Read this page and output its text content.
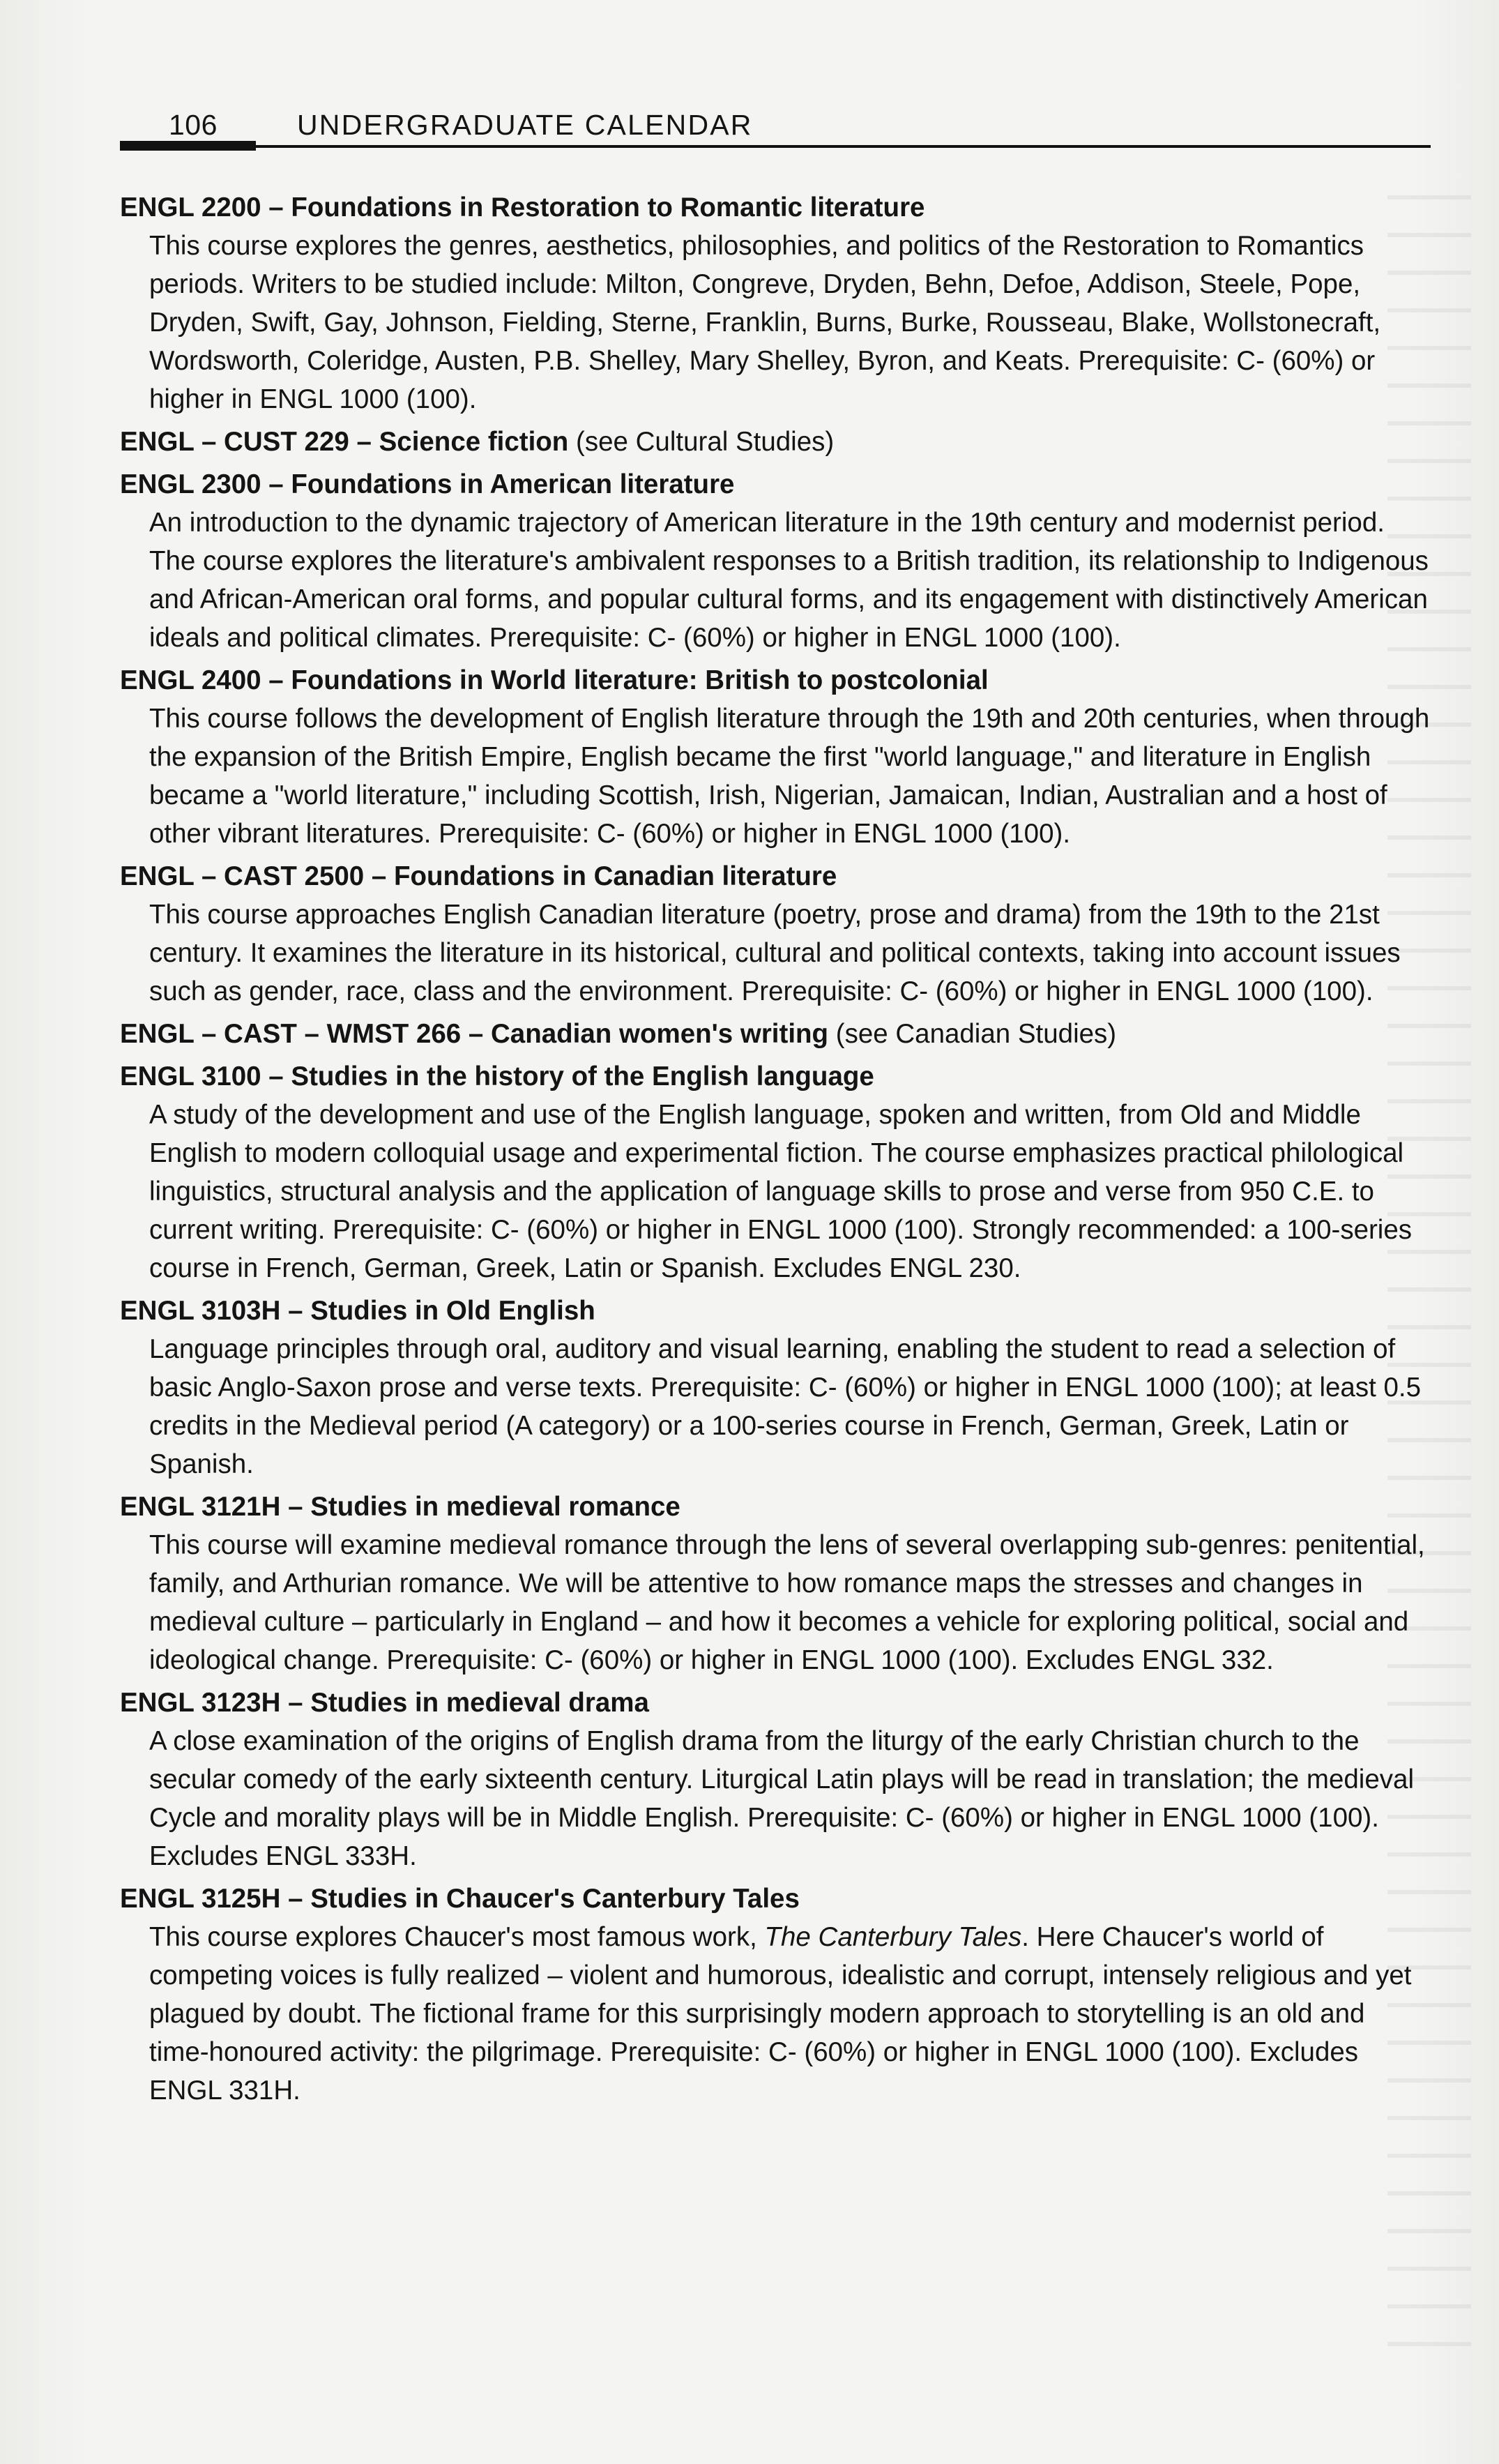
106	UNDERGRADUATE CALENDAR

ENGL 2200 – Foundations in Restoration to Romantic literature

This course explores the genres, aesthetics, philosophies, and politics of the Restoration to Romantics periods. Writers to be studied include: Milton, Congreve, Dryden, Behn, Defoe, Addison, Steele, Pope, Dryden, Swift, Gay, Johnson, Fielding, Sterne, Franklin, Burns, Burke, Rousseau, Blake, Wollstonecraft, Wordsworth, Coleridge, Austen, P.B. Shelley, Mary Shelley, Byron, and Keats. Prerequisite: C- (60%) or higher in ENGL 1000 (100).

ENGL – CUST 229 – Science fiction (see Cultural Studies)

ENGL 2300 – Foundations in American literature

An introduction to the dynamic trajectory of American literature in the 19th century and modernist period. The course explores the literature's ambivalent responses to a British tradition, its relationship to Indigenous and African-American oral forms, and popular cultural forms, and its engagement with distinctively American ideals and political climates. Prerequisite: C- (60%) or higher in ENGL 1000 (100).

ENGL 2400 – Foundations in World literature: British to postcolonial

This course follows the development of English literature through the 19th and 20th centuries, when through the expansion of the British Empire, English became the first "world language," and literature in English became a "world literature," including Scottish, Irish, Nigerian, Jamaican, Indian, Australian and a host of other vibrant literatures. Prerequisite: C- (60%) or higher in ENGL 1000 (100).

ENGL – CAST 2500 – Foundations in Canadian literature

This course approaches English Canadian literature (poetry, prose and drama) from the 19th to the 21st century. It examines the literature in its historical, cultural and political contexts, taking into account issues such as gender, race, class and the environment. Prerequisite: C- (60%) or higher in ENGL 1000 (100).

ENGL – CAST – WMST 266 – Canadian women's writing (see Canadian Studies)

ENGL 3100 – Studies in the history of the English language

A study of the development and use of the English language, spoken and written, from Old and Middle English to modern colloquial usage and experimental fiction. The course emphasizes practical philological linguistics, structural analysis and the application of language skills to prose and verse from 950 C.E. to current writing. Prerequisite: C- (60%) or higher in ENGL 1000 (100). Strongly recommended: a 100-series course in French, German, Greek, Latin or Spanish. Excludes ENGL 230.

ENGL 3103H – Studies in Old English

Language principles through oral, auditory and visual learning, enabling the student to read a selection of basic Anglo-Saxon prose and verse texts. Prerequisite: C- (60%) or higher in ENGL 1000 (100); at least 0.5 credits in the Medieval period (A category) or a 100-series course in French, German, Greek, Latin or Spanish.

ENGL 3121H – Studies in medieval romance

This course will examine medieval romance through the lens of several overlapping sub-genres: penitential, family, and Arthurian romance. We will be attentive to how romance maps the stresses and changes in medieval culture – particularly in England – and how it becomes a vehicle for exploring political, social and ideological change. Prerequisite: C- (60%) or higher in ENGL 1000 (100). Excludes ENGL 332.

ENGL 3123H – Studies in medieval drama

A close examination of the origins of English drama from the liturgy of the early Christian church to the secular comedy of the early sixteenth century. Liturgical Latin plays will be read in translation; the medieval Cycle and morality plays will be in Middle English. Prerequisite: C- (60%) or higher in ENGL 1000 (100). Excludes ENGL 333H.

ENGL 3125H – Studies in Chaucer's Canterbury Tales

This course explores Chaucer's most famous work, The Canterbury Tales. Here Chaucer's world of competing voices is fully realized – violent and humorous, idealistic and corrupt, intensely religious and yet plagued by doubt. The fictional frame for this surprisingly modern approach to storytelling is an old and time-honoured activity: the pilgrimage. Prerequisite: C- (60%) or higher in ENGL 1000 (100). Excludes ENGL 331H.
